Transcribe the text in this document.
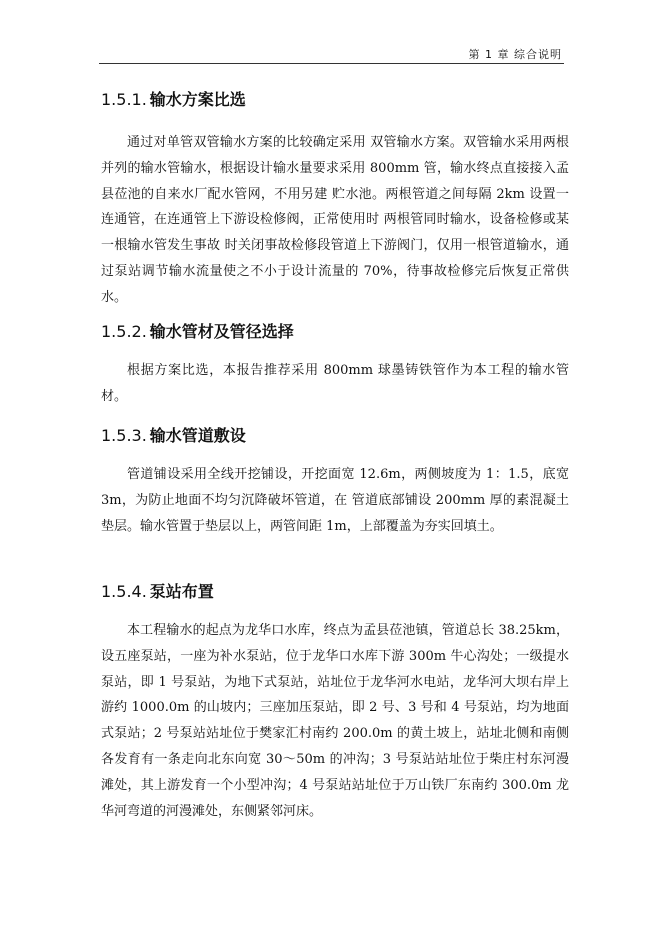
第 1 章 综合说明
1.5.1. 输水方案比选

通过对单管双管输水方案的比较确定采用 双管输水方案。双管输水采用两根并列的输水管输水，根据设计输水量要求采用 800mm 管，输水终点直接接入孟县莅池的自来水厂配水管网，不用另建 贮水池。两根管道之间每隔 2km 设置一连通管，在连通管上下游设检修阀，正常使用时 两根管同时输水，设备检修或某一根输水管发生事故 时关闭事故检修段管道上下游阀门，仅用一根管道输水，通过泵站调节输水流量使之不小于设计流量的 70%，待事故检修完后恢复正常供水。

1.5.2. 输水管材及管径选择

根据方案比选，本报告推荐采用 800mm 球墨铸铁管作为本工程的输水管材。

1.5.3. 输水管道敷设

管道铺设采用全线开挖铺设，开挖面宽 12.6m，两侧坡度为 1：1.5，底宽 3m，为防止地面不均匀沉降破坏管道，在 管道底部铺设 200mm 厚的素混凝土垫层。输水管置于垫层以上，两管间距 1m，上部覆盖为夯实回填土。

1.5.4. 泵站布置

本工程输水的起点为龙华口水库，终点为孟县莅池镇，管道总长 38.25km，设五座泵站，一座为补水泵站，位于龙华口水库下游 300m 牛心沟处；一级提水泵站，即 1 号泵站，为地下式泵站，站址位于龙华河水电站，龙华河大坝右岸上游约 1000.0m 的山坡内；三座加压泵站，即 2 号、3 号和 4 号泵站，均为地面式泵站；2 号泵站站址位于樊家汇村南约 200.0m 的黄土坡上，站址北侧和南侧各发育有一条走向北东向宽 30～50m 的冲沟；3 号泵站站址位于柴庄村东河漫滩处，其上游发育一个小型冲沟；4 号泵站站址位于万山铁厂东南约 300.0m 龙华河弯道的河漫滩处，东侧紧邻河床。
